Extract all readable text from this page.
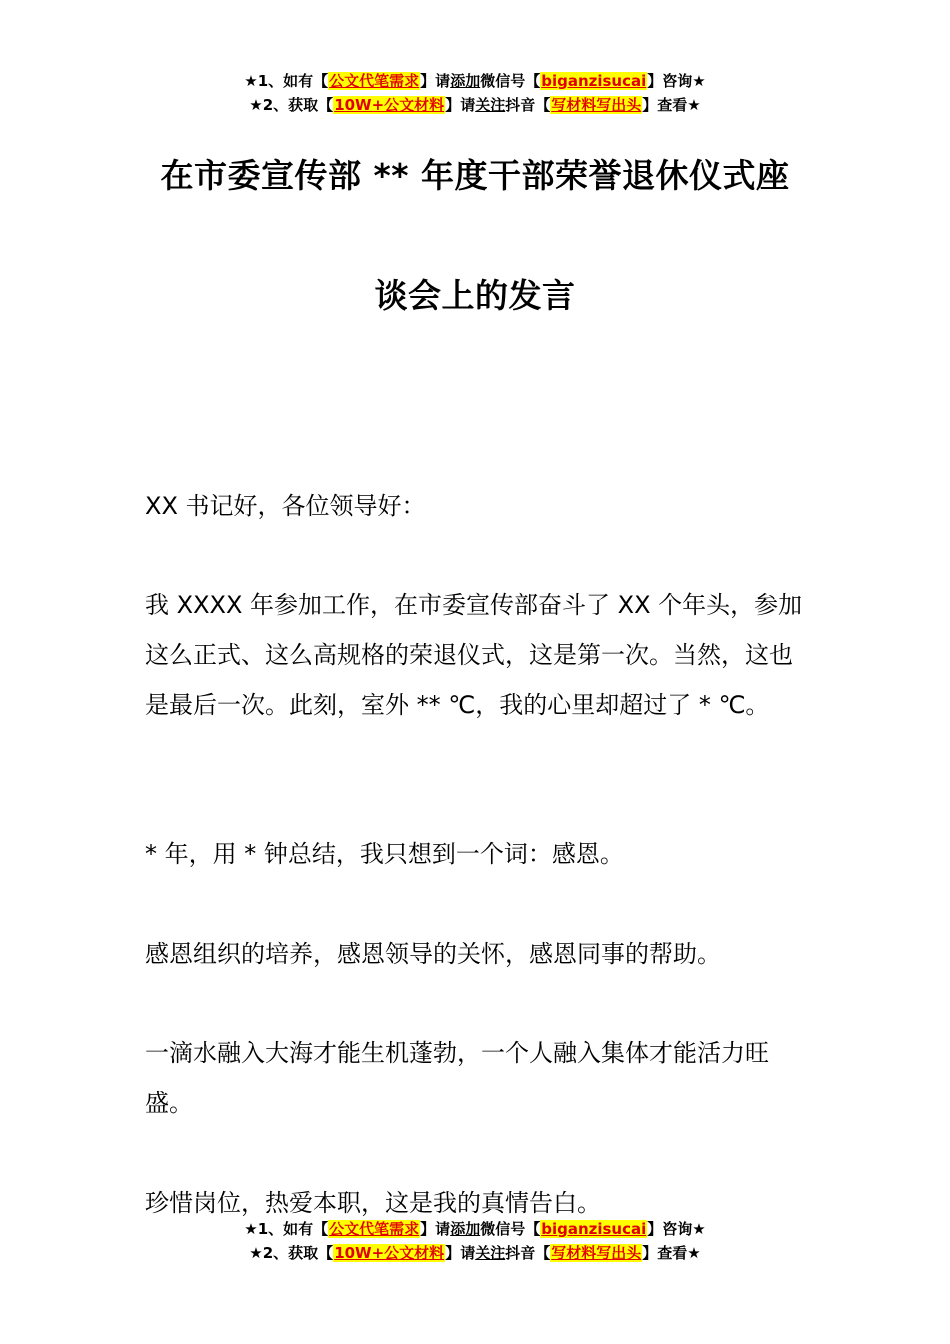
★1、如有【公文代笔需求】请添加微信号【biganzisucai】咨询★
★2、获取【10W+公文材料】请关注抖音【写材料写出头】查看★
在市委宣传部 ** 年度干部荣誉退休仪式座
谈会上的发言

XX 书记好，各位领导好：

我 XXXX 年参加工作，在市委宣传部奋斗了 XX 个年头，参加这么正式、这么高规格的荣退仪式，这是第一次。当然，这也是最后一次。此刻，室外 ** ℃，我的心里却超过了 * ℃。

* 年，用 * 钟总结，我只想到一个词：感恩。

感恩组织的培养，感恩领导的关怀，感恩同事的帮助。

一滴水融入大海才能生机蓬勃，一个人融入集体才能活力旺盛。

珍惜岗位，热爱本职，这是我的真情告白。

★1、如有【公文代笔需求】请添加微信号【biganzisucai】咨询★
★2、获取【10W+公文材料】请关注抖音【写材料写出头】查看★
